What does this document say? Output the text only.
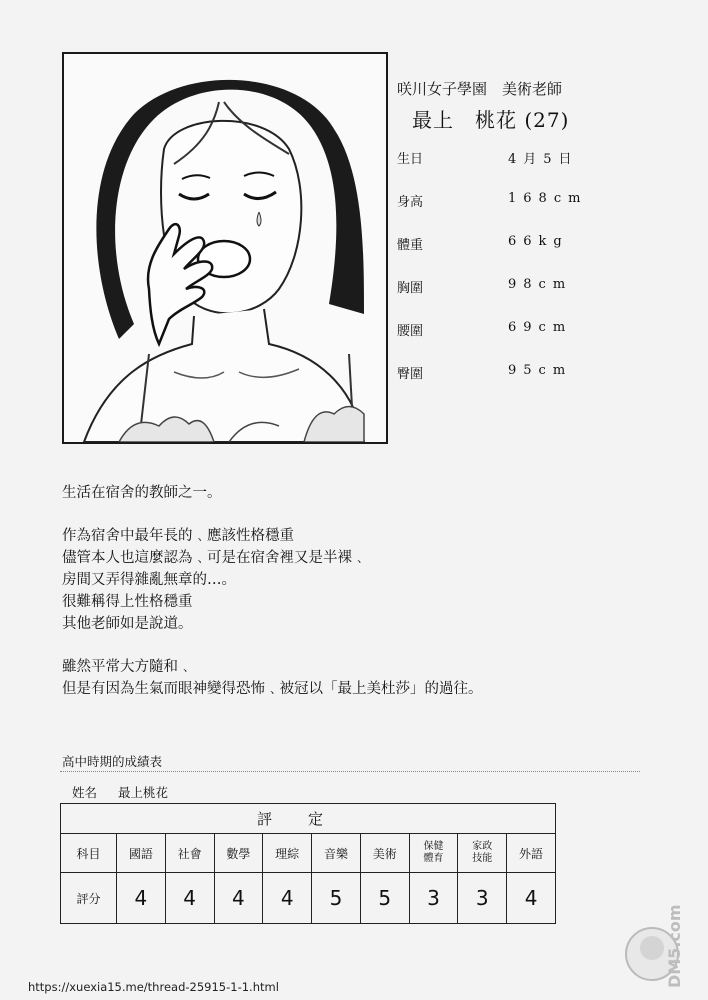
咲川女子學園　美術老師
最上　桃花 (27)
生日	4月5日
身高	168cm
體重	66kg
胸圍	98cm
腰圍	69cm
臀圍	95cm
生活在宿舍的教師之一。
作為宿舍中最年長的﹑應該性格穩重
儘管本人也這麼認為﹑可是在宿舍裡又是半裸﹑
房間又弄得雜亂無章的…。
很難稱得上性格穩重
其他老師如是說道。
雖然平常大方隨和﹑
但是有因為生氣而眼神變得恐怖﹑被冠以「最上美杜莎」的過往。
高中時期的成績表
姓名 最上桃花
評定									
科目	國語	社會	數學	理綜	音樂	美術	保健體育	家政技能	外語
評分	4	4	4	4	5	5	3	3	4
https://xuexia15.me/thread-25915-1-1.html	DM5.com
